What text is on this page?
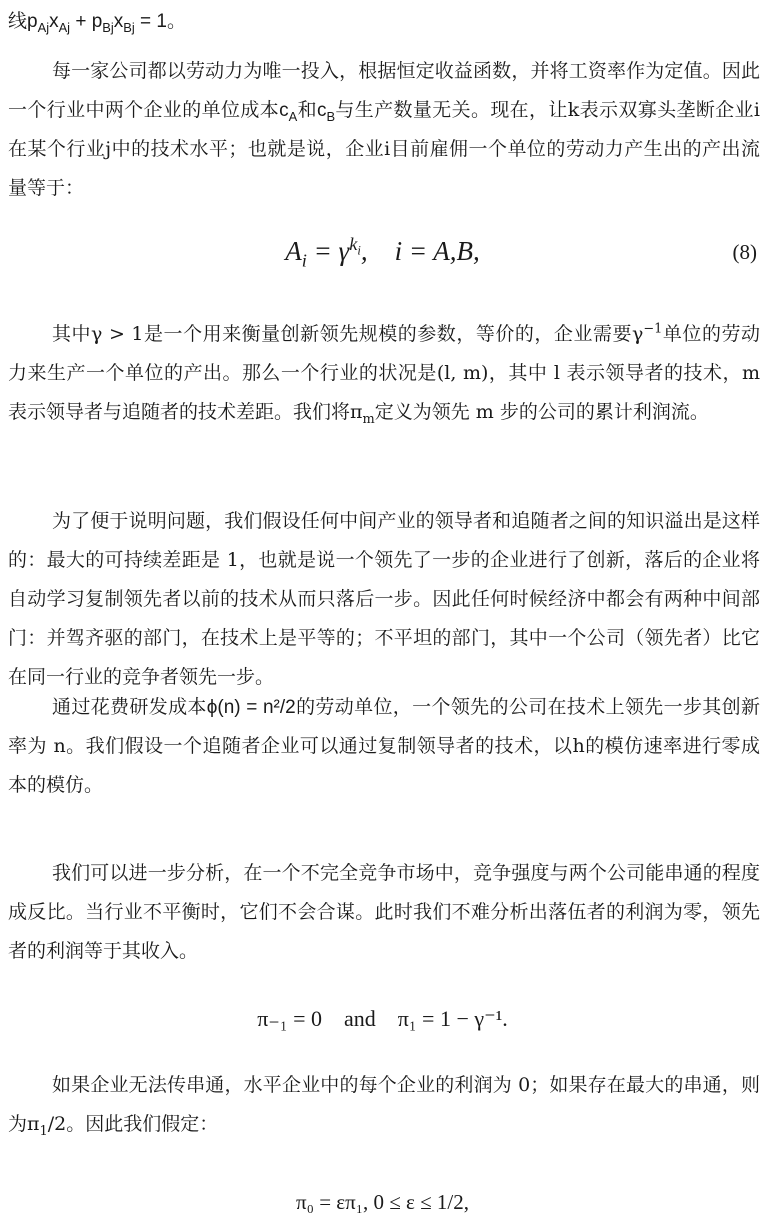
线$p_{Aj}x_{Aj} + p_{Bj}x_{Bj} = 1$。

每一家公司都以劳动力为唯一投入，根据恒定收益函数，并将工资率作为定值。因此一个行业中两个企业的单位成本$c_A$和$c_B$与生产数量无关。现在，让k表示双寡头垄断企业i在某个行业j中的技术水平；也就是说，企业i目前雇佣一个单位的劳动力产生出的产出流量等于：

$A_i = \gamma^{k_i}$,    i = A,B,	(8)

其中γ > 1是一个用来衡量创新领先规模的参数，等价的，企业需要$\gamma^{-1}$单位的劳动力来生产一个单位的产出。那么一个行业的状况是(l, m)，其中 l 表示领导者的技术，m 表示领导者与追随者的技术差距。我们将$\pi_m$定义为领先 m 步的公司的累计利润流。

为了便于说明问题，我们假设任何中间产业的领导者和追随者之间的知识溢出是这样的：最大的可持续差距是 1，也就是说一个领先了一步的企业进行了创新，落后的企业将自动学习复制领先者以前的技术从而只落后一步。因此任何时候经济中都会有两种中间部门：并驾齐驱的部门，在技术上是平等的；不平坦的部门，其中一个公司（领先者）比它在同一行业的竞争者领先一步。

通过花费研发成本ϕ(n) = n²/2的劳动单位，一个领先的公司在技术上领先一步其创新率为 n。我们假设一个追随者企业可以通过复制领导者的技术，以h的模仿速率进行零成本的模仿。

我们可以进一步分析，在一个不完全竞争市场中，竞争强度与两个公司能串通的程度成反比。当行业不平衡时，它们不会合谋。此时我们不难分析出落伍者的利润为零，领先者的利润等于其收入。

π₋₁ = 0 and π₁ = 1 − γ⁻¹.

如果企业无法传串通，水平企业中的每个企业的利润为 0；如果存在最大的串通，则为$\pi_1/2$。因此我们假定：

π₀ = επ₁, 0 ≤ ε ≤ 1/2,
